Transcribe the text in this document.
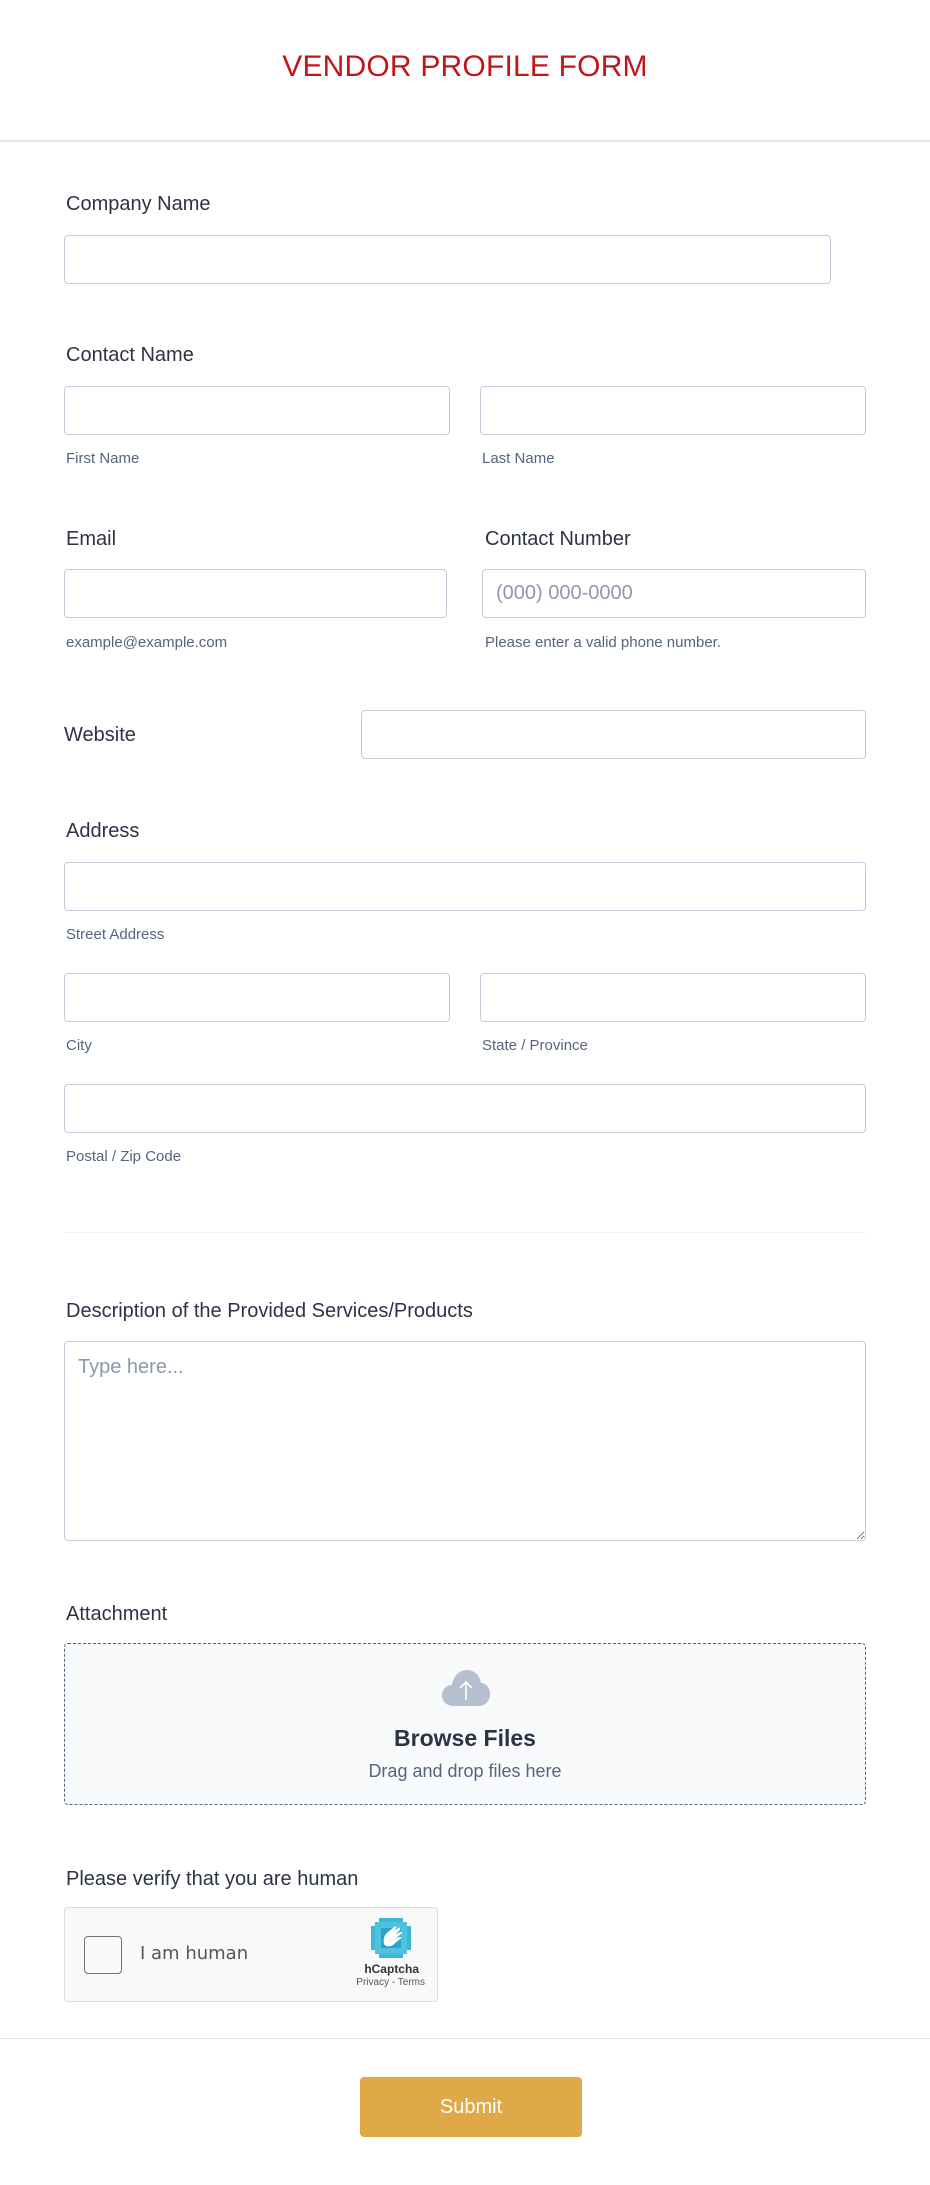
VENDOR PROFILE FORM
Company Name
Contact Name
First Name	Last Name
Email
example@example.com
Contact Number
(000) 000-0000
Please enter a valid phone number.
Website
Address
Street Address
City	State / Province
Postal / Zip Code
Description of the Provided Services/Products
Type here...
Attachment
Browse Files
Drag and drop files here
Please verify that you are human
I am human
hCaptcha
Privacy - Terms
Submit
